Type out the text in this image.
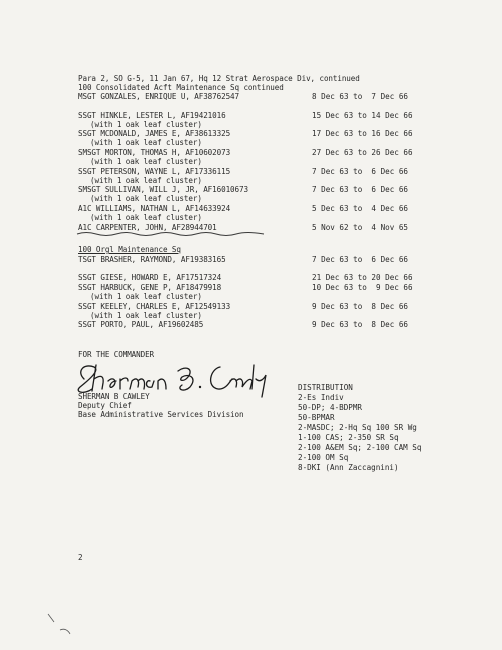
Para 2, SO G-5, 11 Jan 67, Hq 12 Strat Aerospace Div, continued
100 Consolidated Acft Maintenance Sq continued
MSGT GONZALES, ENRIQUE U, AF38762547	8 Dec 63 to  7 Dec 66
SSGT HINKLE, LESTER L, AF19421016	15 Dec 63 to 14 Dec 66
(with 1 oak leaf cluster)
SSGT MCDONALD, JAMES E, AF38613325	17 Dec 63 to 16 Dec 66
(with 1 oak leaf cluster)
SMSGT MORTON, THOMAS H, AF10602073	27 Dec 63 to 26 Dec 66
(with 1 oak leaf cluster)
SSGT PETERSON, WAYNE L, AF17336115	7 Dec 63 to  6 Dec 66
(with 1 oak leaf cluster)
SMSGT SULLIVAN, WILL J, JR, AF16010673	7 Dec 63 to  6 Dec 66
(with 1 oak leaf cluster)
A1C WILLIAMS, NATHAN L, AF14633924	5 Dec 63 to  4 Dec 66
(with 1 oak leaf cluster)
A1C CARPENTER, JOHN, AF28944701	5 Nov 62 to  4 Nov 65
100 Orgl Maintenance Sq
TSGT BRASHER, RAYMOND, AF19383165	7 Dec 63 to  6 Dec 66
SSGT GIESE, HOWARD E, AF17517324	21 Dec 63 to 20 Dec 66
SSGT HARBUCK, GENE P, AF18479918	10 Dec 63 to  9 Dec 66
(with 1 oak leaf cluster)
SSGT KEELEY, CHARLES E, AF12549133	9 Dec 63 to  8 Dec 66
(with 1 oak leaf cluster)
SSGT PORTO, PAUL, AF19602485	9 Dec 63 to  8 Dec 66
FOR THE COMMANDER
SHERMAN B CAWLEY
Deputy Chief
Base Administrative Services Division
DISTRIBUTION
2-Es Indiv
50-DP; 4-BDPMR
50-BPMAR
2-MASDC; 2-Hq Sq 100 SR Wg
1-100 CAS; 2-350 SR Sq
2-100 A&EM Sq; 2-100 CAM Sq
2-100 OM Sq
8-DKI (Ann Zaccagnini)
2
